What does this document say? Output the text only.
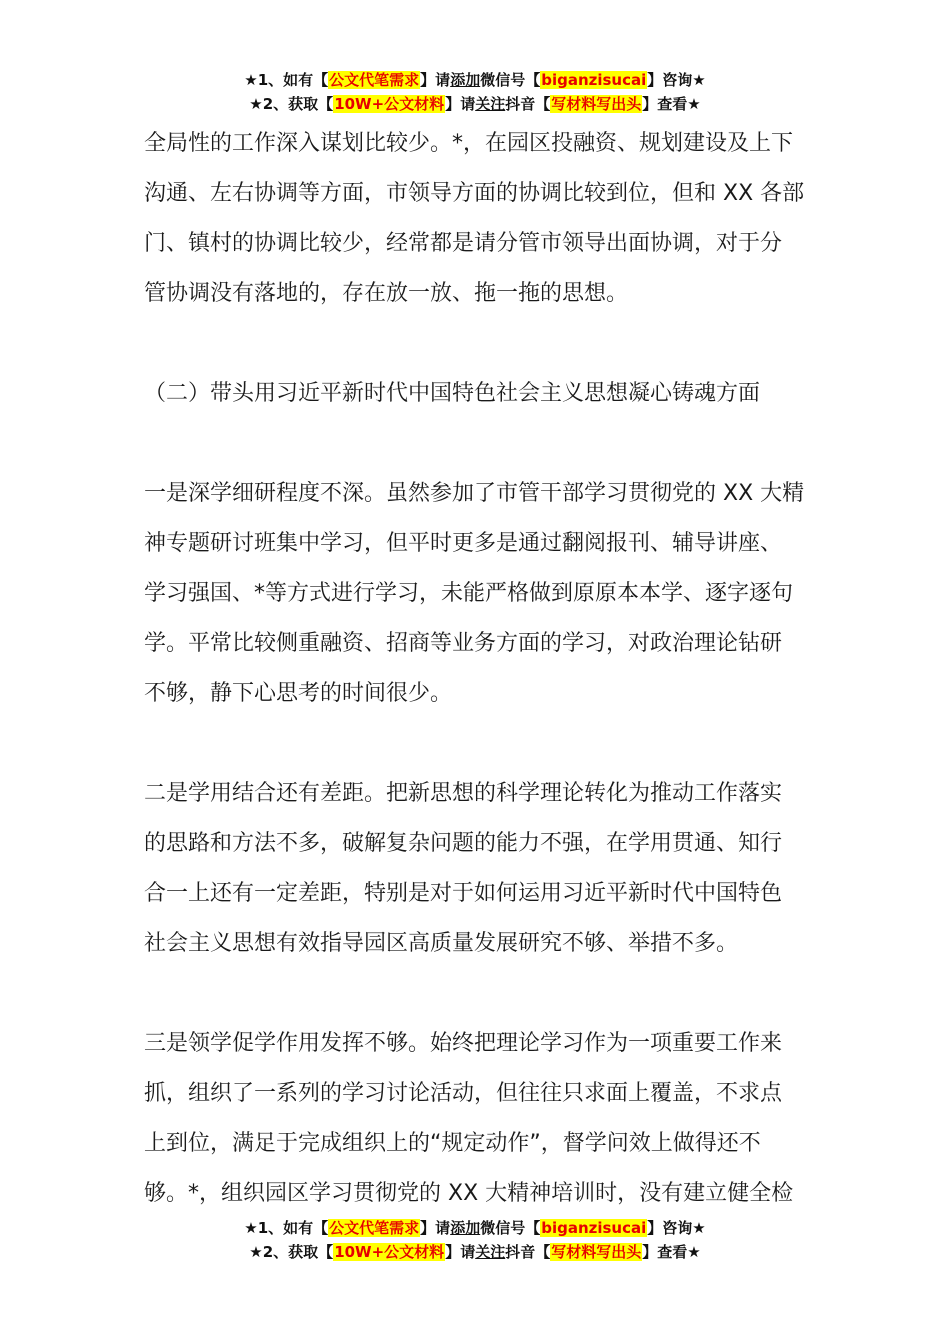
★1、如有【公文代笔需求】请添加微信号【biganzisucai】咨询★
★2、获取【10W+公文材料】请关注抖音【写材料写出头】查看★
全局性的工作深入谋划比较少。*，在园区投融资、规划建设及上下
沟通、左右协调等方面，市领导方面的协调比较到位，但和 XX 各部
门、镇村的协调比较少，经常都是请分管市领导出面协调，对于分
管协调没有落地的，存在放一放、拖一拖的思想。
（二）带头用习近平新时代中国特色社会主义思想凝心铸魂方面
一是深学细研程度不深。虽然参加了市管干部学习贯彻党的 XX 大精
神专题研讨班集中学习，但平时更多是通过翻阅报刊、辅导讲座、
学习强国、*等方式进行学习，未能严格做到原原本本学、逐字逐句
学。平常比较侧重融资、招商等业务方面的学习，对政治理论钻研
不够，静下心思考的时间很少。
二是学用结合还有差距。把新思想的科学理论转化为推动工作落实
的思路和方法不多，破解复杂问题的能力不强，在学用贯通、知行
合一上还有一定差距，特别是对于如何运用习近平新时代中国特色
社会主义思想有效指导园区高质量发展研究不够、举措不多。
三是领学促学作用发挥不够。始终把理论学习作为一项重要工作来
抓，组织了一系列的学习讨论活动，但往往只求面上覆盖，不求点
上到位，满足于完成组织上的“规定动作”，督学问效上做得还不
够。*，组织园区学习贯彻党的 XX 大精神培训时，没有建立健全检
★1、如有【公文代笔需求】请添加微信号【biganzisucai】咨询★
★2、获取【10W+公文材料】请关注抖音【写材料写出头】查看★
